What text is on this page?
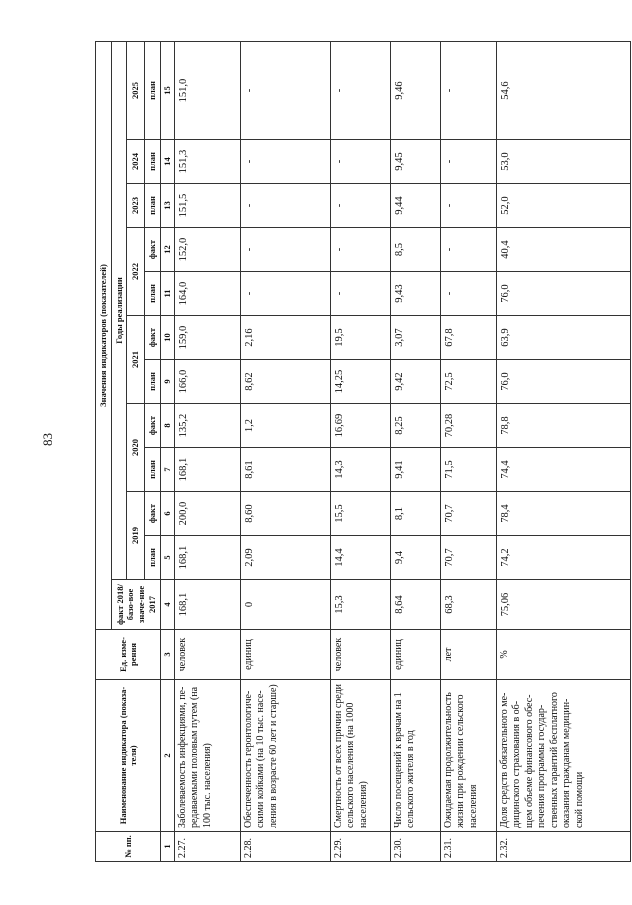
83
№ пп.	Наименование индикатора (показа-теля)	Ед. изме-рения	Значения индикаторов (показателей)											
			факт 2018/базо-вое значе-ние 2017	Годы реализации										
				2019		2020		2021		2022		2023	2024	2025
				план	факт	план	факт	план	факт	план	факт	план	план	план
1	2	3	4	5	6	7	8	9	10	11	12	13	14	15
2.27.	Заболеваемость инфекциями, пе-редаваемыми половым путем (на 100 тыс. населения)	человек	168,1	168,1	200,0	168,1	135,2	166,0	159,0	164,0	152,0	151,5	151,3	151,0
2.28.	Обеспеченность геронтологиче-скими койками (на 10 тыс. насе-ления в возрасте 60 лет и старше)	единиц	0	2,09	8,60	8,61	1,2	8,62	2,16	-	-	-	-	-
2.29.	Смертность от всех причин среди сельского населения (на 1000 населения)	человек	15,3	14,4	15,5	14,3	16,69	14,25	19,5	-	-	-	-	-
2.30.	Число посещений к врачам на 1 сельского жителя в год	единиц	8,64	9,4	8,1	9,41	8,25	9,42	3,07	9,43	8,5	9,44	9,45	9,46
2.31.	Ожидаемая продолжительность жизни при рождении сельского населения	лет	68,3	70,7	70,7	71,5	70,28	72,5	67,8	-	-	-	-	-
2.32.	Доля средств обязательного ме-дицинского страхования в об-щем объеме финансового обес-печения программы государ-ственных гарантий бесплатного оказания гражданам медицин-ской помощи	%	75,06	74,2	78,4	74,4	78,8	76,0	63,9	76,0	40,4	52,0	53,0	54,6
